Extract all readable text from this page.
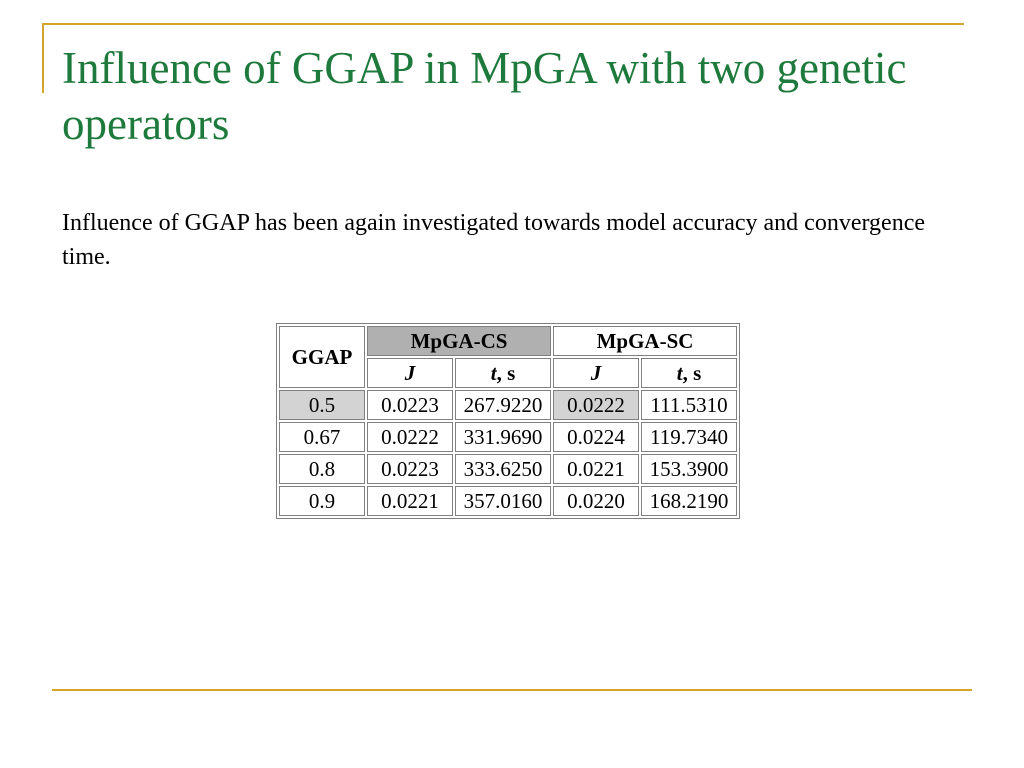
Influence of GGAP in MpGA with two genetic operators

Influence of GGAP has been again investigated towards model accuracy and convergence time.

GGAP	MpGA-CS		MpGA-SC	
	J	t, s	J	t, s
0.5	0.0223	267.9220	0.0222	111.5310
0.67	0.0222	331.9690	0.0224	119.7340
0.8	0.0223	333.6250	0.0221	153.3900
0.9	0.0221	357.0160	0.0220	168.2190
